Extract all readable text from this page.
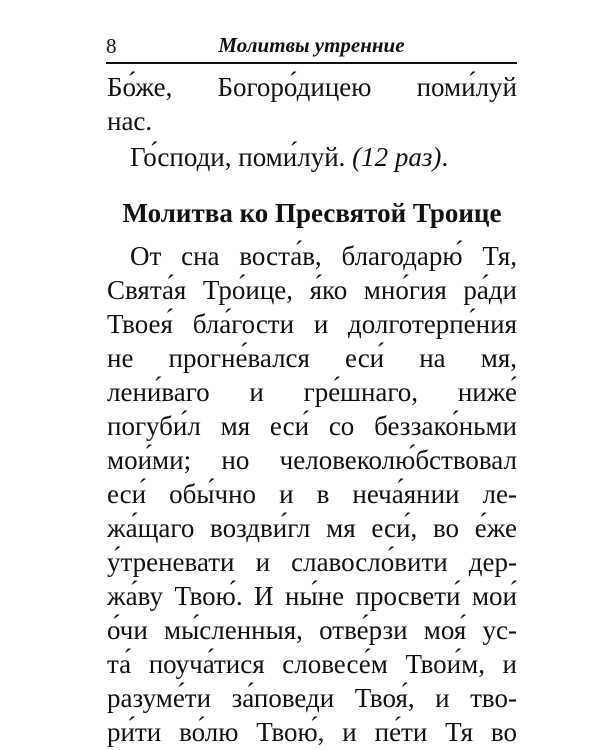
8	Молитвы утренние
Бо́же, Богоро́дицею поми́луй
нас.
Го́споди, поми́луй. (12 раз).
Молитва ко Пресвятой Троице
От сна воста́в, благодарю́ Тя,
Свята́я Тро́ице, я́ко мно́гия ра́ди
Твоея́ бла́гости и долготерпе́ния
не прогне́вался еси́ на мя,
лени́ваго и гре́шнаго, ниже́
погуби́л мя еси́ со беззако́ньми
мои́ми; но человеколю́бствовал
еси́ обы́чно и в неча́янии ле-
жа́щаго воздви́гл мя еси́, во е́же
у́треневати и славосло́вити дер-
жа́ву Твою́. И ны́не просвети́ мои́
о́чи мы́сленныя, отве́рзи моя́ ус-
та́ поуча́тися словесе́м Твои́м, и
разуме́ти за́поведи Твоя́, и тво-
ри́ти во́лю Твою́, и пе́ти Тя во
